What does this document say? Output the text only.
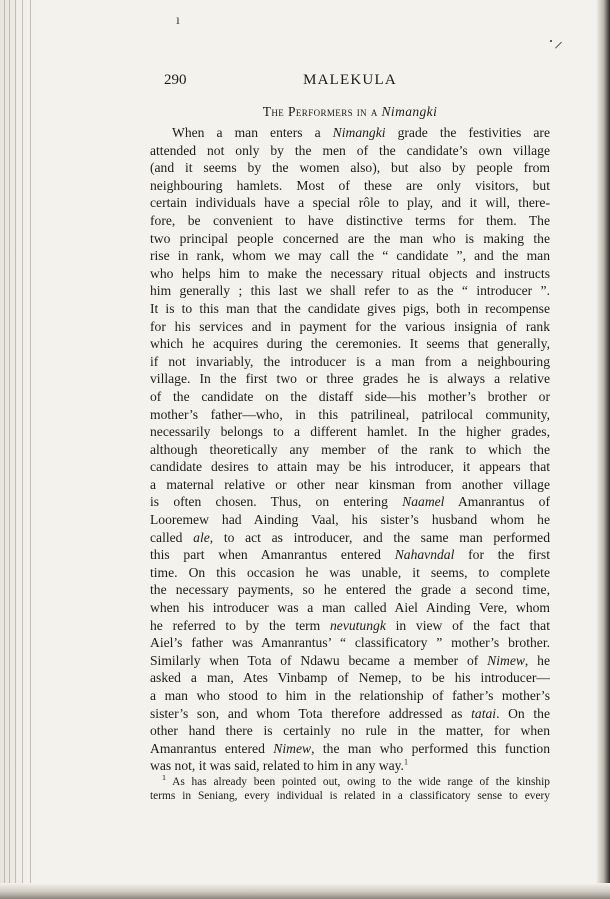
ı
·⸝
290	MALEKULA
The Performers in a Nimangki
When a man enters a Nimangki grade the festivities are
attended not only by the men of the candidate’s own village
(and it seems by the women also), but also by people from
neighbouring hamlets. Most of these are only visitors, but
certain individuals have a special rôle to play, and it will, there-
fore, be convenient to have distinctive terms for them. The
two principal people concerned are the man who is making the
rise in rank, whom we may call the “ candidate ”, and the man
who helps him to make the necessary ritual objects and instructs
him generally ; this last we shall refer to as the “ introducer ”.
It is to this man that the candidate gives pigs, both in recompense
for his services and in payment for the various insignia of rank
which he acquires during the ceremonies. It seems that generally,
if not invariably, the introducer is a man from a neighbouring
village. In the first two or three grades he is always a relative
of the candidate on the distaff side—his mother’s brother or
mother’s father—who, in this patrilineal, patrilocal community,
necessarily belongs to a different hamlet. In the higher grades,
although theoretically any member of the rank to which the
candidate desires to attain may be his introducer, it appears that
a maternal relative or other near kinsman from another village
is often chosen. Thus, on entering Naamel Amanrantus of
Looremew had Ainding Vaal, his sister’s husband whom he
called ale, to act as introducer, and the same man performed
this part when Amanrantus entered Nahavndal for the first
time. On this occasion he was unable, it seems, to complete
the necessary payments, so he entered the grade a second time,
when his introducer was a man called Aiel Ainding Vere, whom
he referred to by the term nevutungk in view of the fact that
Aiel’s father was Amanrantus’ “ classificatory ” mother’s brother.
Similarly when Tota of Ndawu became a member of Nimew, he
asked a man, Ates Vinbamp of Nemep, to be his introducer—
a man who stood to him in the relationship of father’s mother’s
sister’s son, and whom Tota therefore addressed as tatai. On the
other hand there is certainly no rule in the matter, for when
Amanrantus entered Nimew, the man who performed this function
was not, it was said, related to him in any way.$^1$
$^1$ As has already been pointed out, owing to the wide range of the kinship
terms in Seniang, every individual is related in a classificatory sense to every
